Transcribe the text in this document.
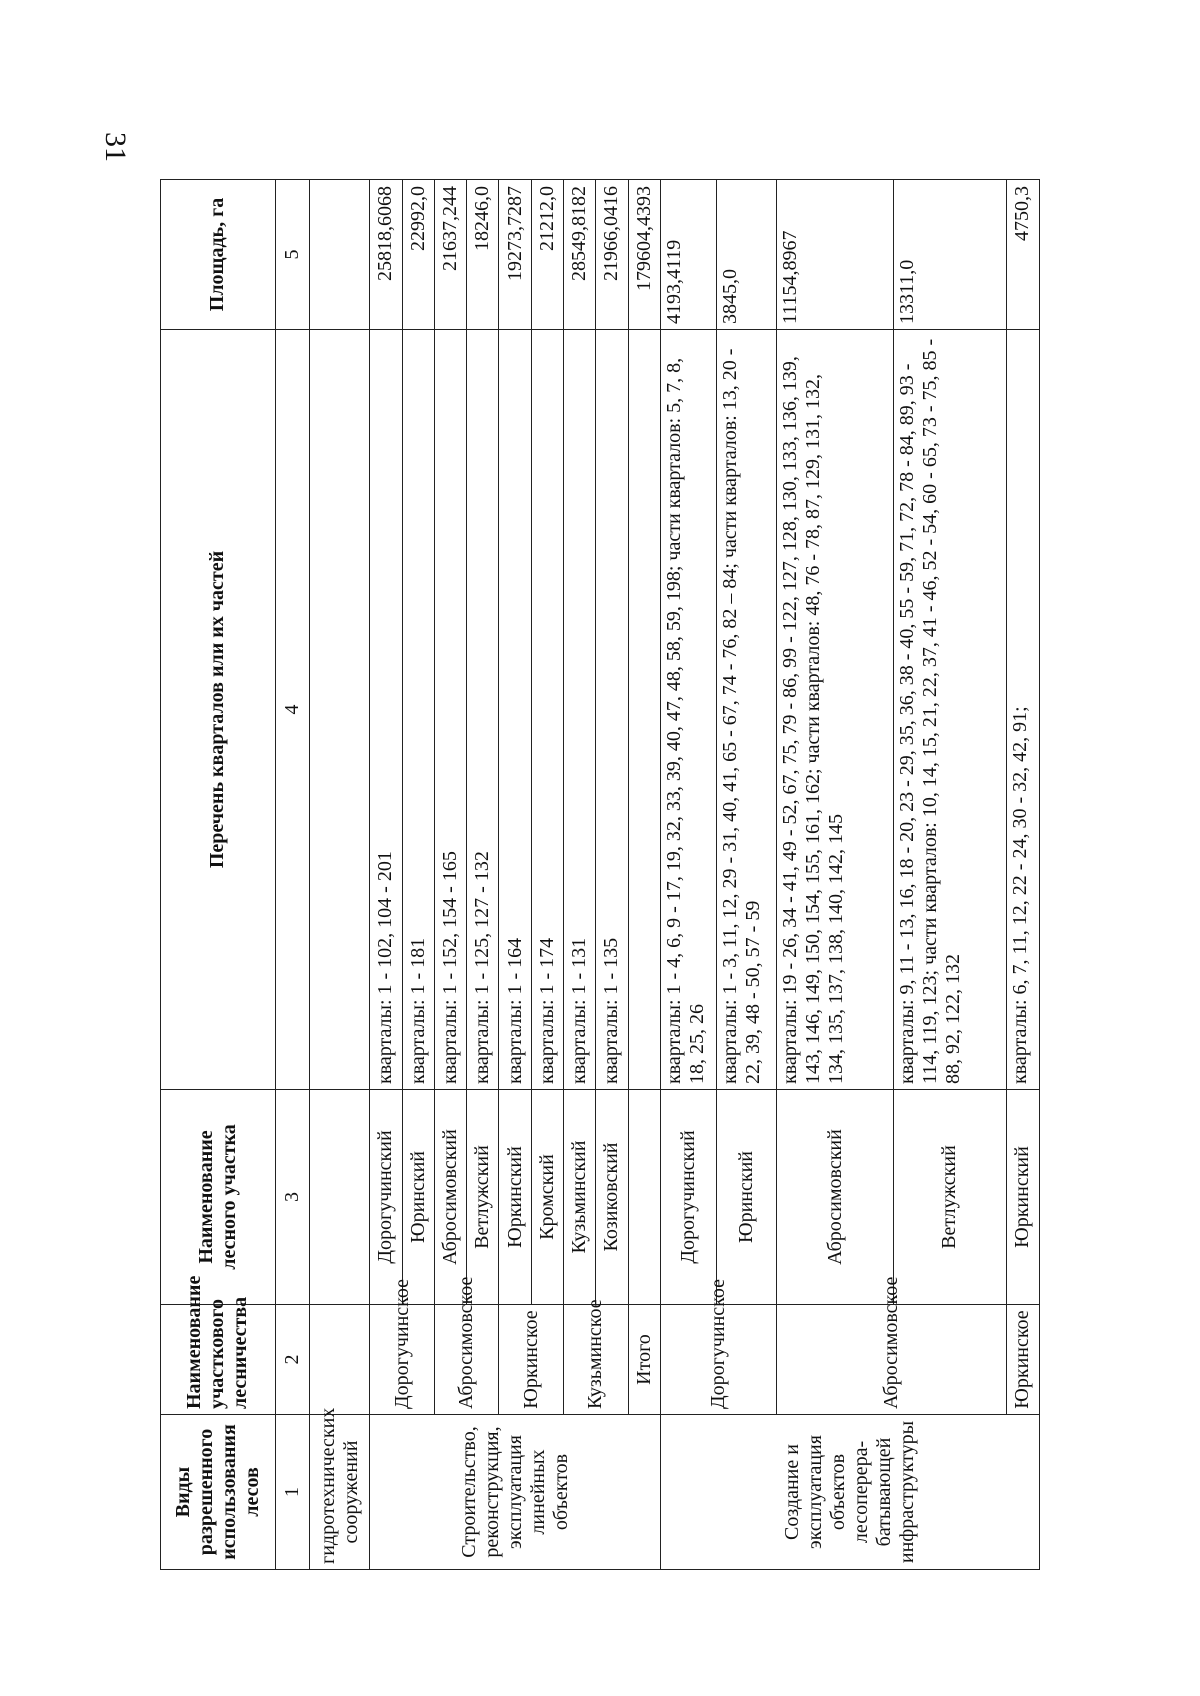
31
Виды разрешенного использования лесов	Наименование участкового лесничества	Наименование лесного участка	Перечень кварталов или их частей	Площадь, га
1	2	3	4	5
гидротехнических сооружений				
Строительство, реконструкция, эксплуатация линейных объектов	Дорогучинское	Дорогучинский	кварталы: 1 - 102, 104 - 201	25818,6068
		Юринский	кварталы: 1 - 181	22992,0
	Абросимовское	Абросимовский	кварталы: 1 - 152, 154 - 165	21637,244
		Ветлужский	кварталы: 1 - 125, 127 - 132	18246,0
	Юркинское	Юркинский	кварталы: 1 - 164	19273,7287
		Кромский	кварталы: 1 - 174	21212,0
	Кузьминское	Кузьминский	кварталы: 1 - 131	28549,8182
		Козиковский	кварталы: 1 - 135	21966,0416
	Итого			179604,4393
Создание и эксплуатация объектов лесоперера-батывающей инфраструктуры	Дорогучинское	Дорогучинский	кварталы: 1 - 4, 6, 9 - 17, 19, 32, 33, 39, 40, 47, 48, 58, 59, 198; части кварталов: 5, 7, 8, 18, 25, 26	4193,4119
		Юринский	кварталы: 1 - 3, 11, 12, 29 - 31, 40, 41, 65 - 67, 74 - 76, 82 – 84; части кварталов: 13, 20 - 22, 39, 48 - 50, 57 - 59	3845,0
	Абросимовское	Абросимовский	кварталы: 19 - 26, 34 - 41, 49 - 52, 67, 75, 79 - 86, 99 - 122, 127, 128, 130, 133, 136, 139, 143, 146, 149, 150, 154, 155, 161, 162; части кварталов: 48, 76 - 78, 87, 129, 131, 132, 134, 135, 137, 138, 140, 142, 145	11154,8967
		Ветлужский	кварталы: 9, 11 - 13, 16, 18 - 20, 23 - 29, 35, 36, 38 - 40, 55 - 59, 71, 72, 78 - 84, 89, 93 - 114, 119, 123; части кварталов: 10, 14, 15, 21, 22, 37, 41 - 46, 52 - 54, 60 - 65, 73 - 75, 85 - 88, 92, 122, 132	13311,0
	Юркинское	Юркинский	кварталы: 6, 7, 11, 12, 22 - 24, 30 - 32, 42, 91;	4750,3
